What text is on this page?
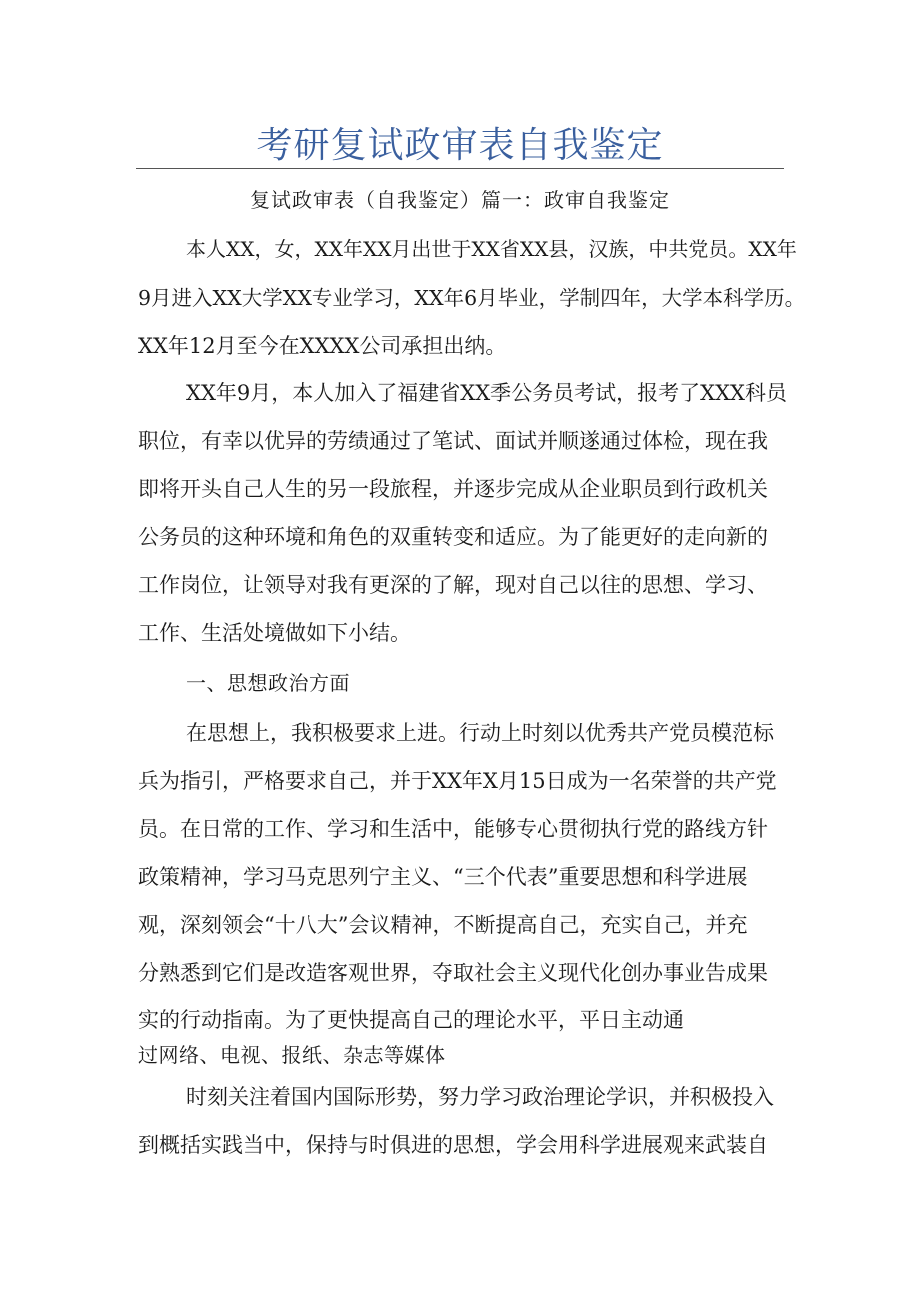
考研复试政审表自我鉴定
复试政审表（自我鉴定）篇一：政审自我鉴定
本人XX，女，XX年XX月出世于XX省XX县，汉族，中共党员。XX年
9月进入XX大学XX专业学习，XX年6月毕业，学制四年，大学本科学历。
XX年12月至今在XXXX公司承担出纳。
XX年9月，本人加入了福建省XX季公务员考试，报考了XXX科员
职位，有幸以优异的劳绩通过了笔试、面试并顺遂通过体检，现在我
即将开头自己人生的另一段旅程，并逐步完成从企业职员到行政机关
公务员的这种环境和角色的双重转变和适应。为了能更好的走向新的
工作岗位，让领导对我有更深的了解，现对自己以往的思想、学习、
工作、生活处境做如下小结。
一、思想政治方面
在思想上，我积极要求上进。行动上时刻以优秀共产党员模范标
兵为指引，严格要求自己，并于XX年X月15日成为一名荣誉的共产党
员。在日常的工作、学习和生活中，能够专心贯彻执行党的路线方针
政策精神，学习马克思列宁主义、“三个代表”重要思想和科学进展
观，深刻领会“十八大”会议精神，不断提高自己，充实自己，并充
分熟悉到它们是改造客观世界，夺取社会主义现代化创办事业告成果
实的行动指南。为了更快提高自己的理论水平，平日主动通
过网络、电视、报纸、杂志等媒体
时刻关注着国内国际形势，努力学习政治理论学识，并积极投入
到概括实践当中，保持与时俱进的思想，学会用科学进展观来武装自
